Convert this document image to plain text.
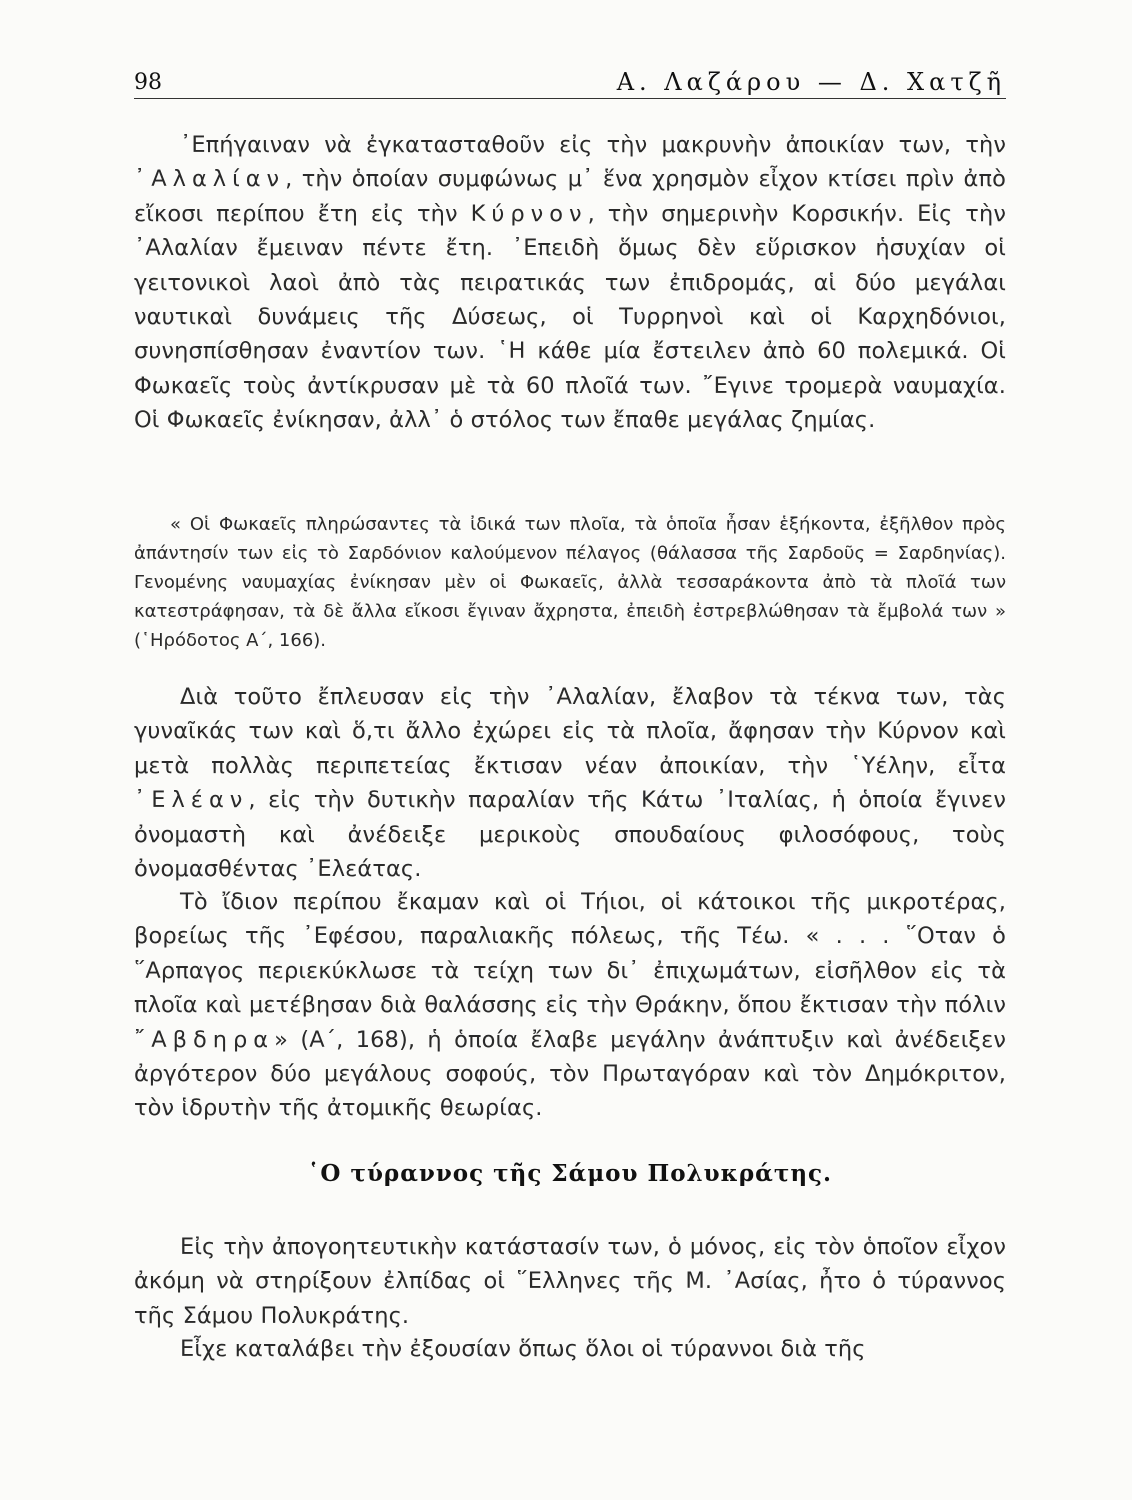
98	Α. Λαζάρου — Δ. Χατζῆ

᾿Επήγαιναν νὰ ἐγκατασταθοῦν εἰς τὴν μακρυνὴν ἀποικίαν των, τὴν ᾿Αλαλίαν, τὴν ὁποίαν συμφώνως μ᾿ ἕνα χρησμὸν εἶχον κτίσει πρὶν ἀπὸ εἴκοσι περίπου ἔτη εἰς τὴν Κύρνον, τὴν σημερινὴν Κορσικήν. Εἰς τὴν ᾿Αλαλίαν ἔμειναν πέντε ἔτη. ᾿Επειδὴ ὅμως δὲν εὕρισκον ἡσυχίαν οἱ γειτονικοὶ λαοὶ ἀπὸ τὰς πειρατικάς των ἐπιδρομάς, αἱ δύο μεγάλαι ναυτικαὶ δυνάμεις τῆς Δύσεως, οἱ Τυρρηνοὶ καὶ οἱ Καρχηδόνιοι, συνησπίσθησαν ἐναντίον των. ῾Η κάθε μία ἔστειλεν ἀπὸ 60 πολεμικά. Οἱ Φωκαεῖς τοὺς ἀντίκρυσαν μὲ τὰ 60 πλοῖά των. ῎Εγινε τρομερὰ ναυμαχία. Οἱ Φωκαεῖς ἐνίκησαν, ἀλλ᾿ ὁ στόλος των ἔπαθε μεγάλας ζημίας.

« Οἱ Φωκαεῖς πληρώσαντες τὰ ἰδικά των πλοῖα, τὰ ὁποῖα ἦσαν ἑξήκοντα, ἐξῆλθον πρὸς ἀπάντησίν των εἰς τὸ Σαρδόνιον καλούμενον πέλαγος (θάλασσα τῆς Σαρδοῦς = Σαρδηνίας). Γενομένης ναυμαχίας ἐνίκησαν μὲν οἱ Φωκαεῖς, ἀλλὰ τεσσαράκοντα ἀπὸ τὰ πλοῖά των κατεστράφησαν, τὰ δὲ ἄλλα εἴκοσι ἔγιναν ἄχρηστα, ἐπειδὴ ἐστρεβλώθησαν τὰ ἔμβολά των » (῾Ηρόδοτος Α΄, 166).

Διὰ τοῦτο ἔπλευσαν εἰς τὴν ᾿Αλαλίαν, ἔλαβον τὰ τέκνα των, τὰς γυναῖκάς των καὶ ὅ,τι ἄλλο ἐχώρει εἰς τὰ πλοῖα, ἄφησαν τὴν Κύρνον καὶ μετὰ πολλὰς περιπετείας ἔκτισαν νέαν ἀποικίαν, τὴν ῾Υέλην, εἶτα ᾿Ελέαν, εἰς τὴν δυτικὴν παραλίαν τῆς Κάτω ᾿Ιταλίας, ἡ ὁποία ἔγινεν ὀνομαστὴ καὶ ἀνέδειξε μερικοὺς σπουδαίους φιλοσόφους, τοὺς ὀνομασθέντας ᾿Ελεάτας.

Τὸ ἴδιον περίπου ἔκαμαν καὶ οἱ Τήιοι, οἱ κάτοικοι τῆς μικροτέρας, βορείως τῆς ᾿Εφέσου, παραλιακῆς πόλεως, τῆς Τέω. « . . . ῞Οταν ὁ ῞Αρπαγος περιεκύκλωσε τὰ τείχη των δι᾿ ἐπιχωμάτων, εἰσῆλθον εἰς τὰ πλοῖα καὶ μετέβησαν διὰ θαλάσσης εἰς τὴν Θράκην, ὅπου ἔκτισαν τὴν πόλιν ῎Αβδηρα» (Α΄, 168), ἡ ὁποία ἔλαβε μεγάλην ἀνάπτυξιν καὶ ἀνέδειξεν ἀργότερον δύο μεγάλους σοφούς, τὸν Πρωταγόραν καὶ τὸν Δημόκριτον, τὸν ἱδρυτὴν τῆς ἀτομικῆς θεωρίας.

῾Ο τύραννος τῆς Σάμου Πολυκράτης.

Εἰς τὴν ἀπογοητευτικὴν κατάστασίν των, ὁ μόνος, εἰς τὸν ὁποῖον εἶχον ἀκόμη νὰ στηρίξουν ἐλπίδας οἱ ῞Ελληνες τῆς Μ. ᾿Ασίας, ἦτο ὁ τύραννος τῆς Σάμου Πολυκράτης.

Εἶχε καταλάβει τὴν ἐξουσίαν ὅπως ὅλοι οἱ τύραννοι διὰ τῆς
